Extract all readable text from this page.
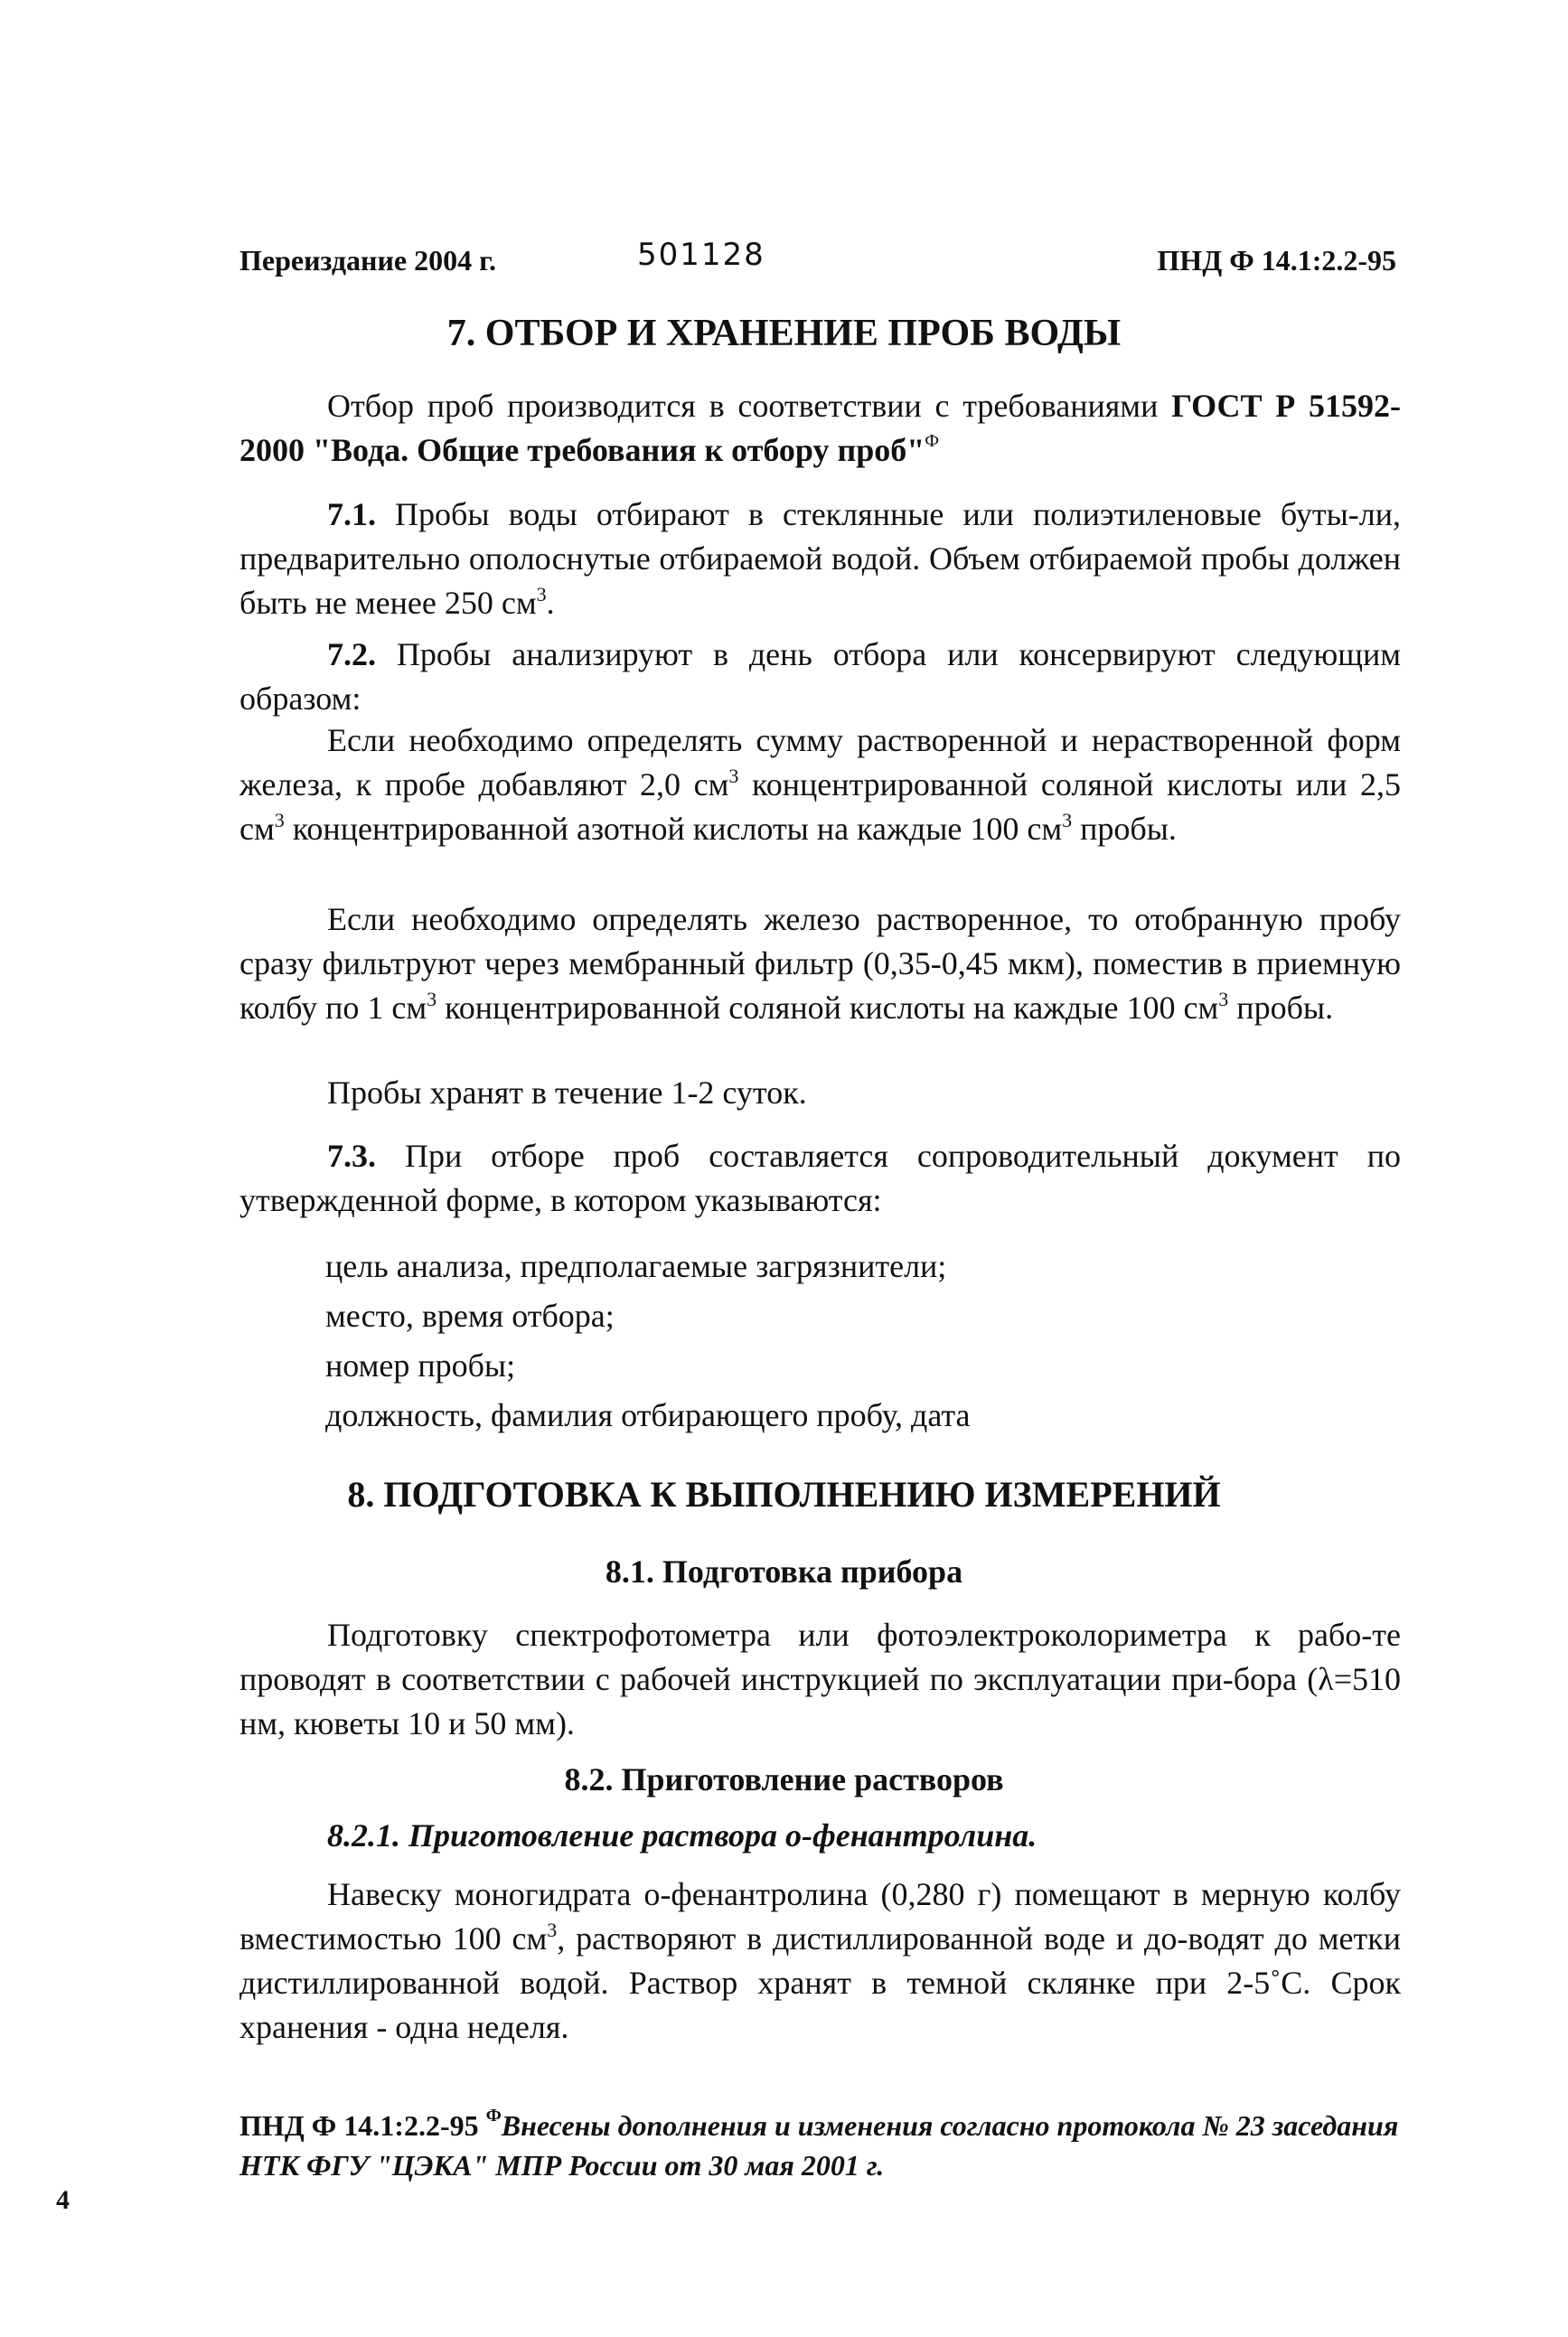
Переиздание 2004 г.	501128	ПНД Ф 14.1:2.2-95
7. ОТБОР И ХРАНЕНИЕ ПРОБ ВОДЫ
Отбор проб производится в соответствии с требованиями ГОСТ Р 51592-2000 "Вода. Общие требования к отбору проб"$^Ф$
7.1. Пробы воды отбирают в стеклянные или полиэтиленовые буты-ли, предварительно ополоснутые отбираемой водой. Объем отбираемой пробы должен быть не менее 250 $см^3$.
7.2. Пробы анализируют в день отбора или консервируют следующим образом:
Если необходимо определять сумму растворенной и нерастворенной форм железа, к пробе добавляют 2,0 $см^3$ концентрированной соляной кислоты или 2,5 $см^3$ концентрированной азотной кислоты на каждые 100 $см^3$ пробы.
Если необходимо определять железо растворенное, то отобранную пробу сразу фильтруют через мембранный фильтр (0,35-0,45 мкм), поместив в приемную колбу по 1 $см^3$ концентрированной соляной кислоты на каждые 100 $см^3$ пробы.
Пробы хранят в течение 1-2 суток.
7.3. При отборе проб составляется сопроводительный документ по утвержденной форме, в котором указываются:
цель анализа, предполагаемые загрязнители;
место, время отбора;
номер пробы;
должность, фамилия отбирающего пробу, дата
8. ПОДГОТОВКА К ВЫПОЛНЕНИЮ ИЗМЕРЕНИЙ
8.1. Подготовка прибора
Подготовку спектрофотометра или фотоэлектроколориметра к рабо-те проводят в соответствии с рабочей инструкцией по эксплуатации при-бора (λ=510 нм, кюветы 10 и 50 мм).
8.2. Приготовление растворов
8.2.1. Приготовление раствора о-фенантролина.
Навеску моногидрата о-фенантролина (0,280 г) помещают в мерную колбу вместимостью 100 $см^3$, растворяют в дистиллированной воде и до-водят до метки дистиллированной водой. Раствор хранят в темной склянке при 2-5˚С. Срок хранения - одна неделя.
ПНД Ф 14.1:2.2-95 $^Ф$Внесены дополнения и изменения согласно протокола № 23 заседания НТК ФГУ "ЦЭКА" МПР России от 30 мая 2001 г.
4
